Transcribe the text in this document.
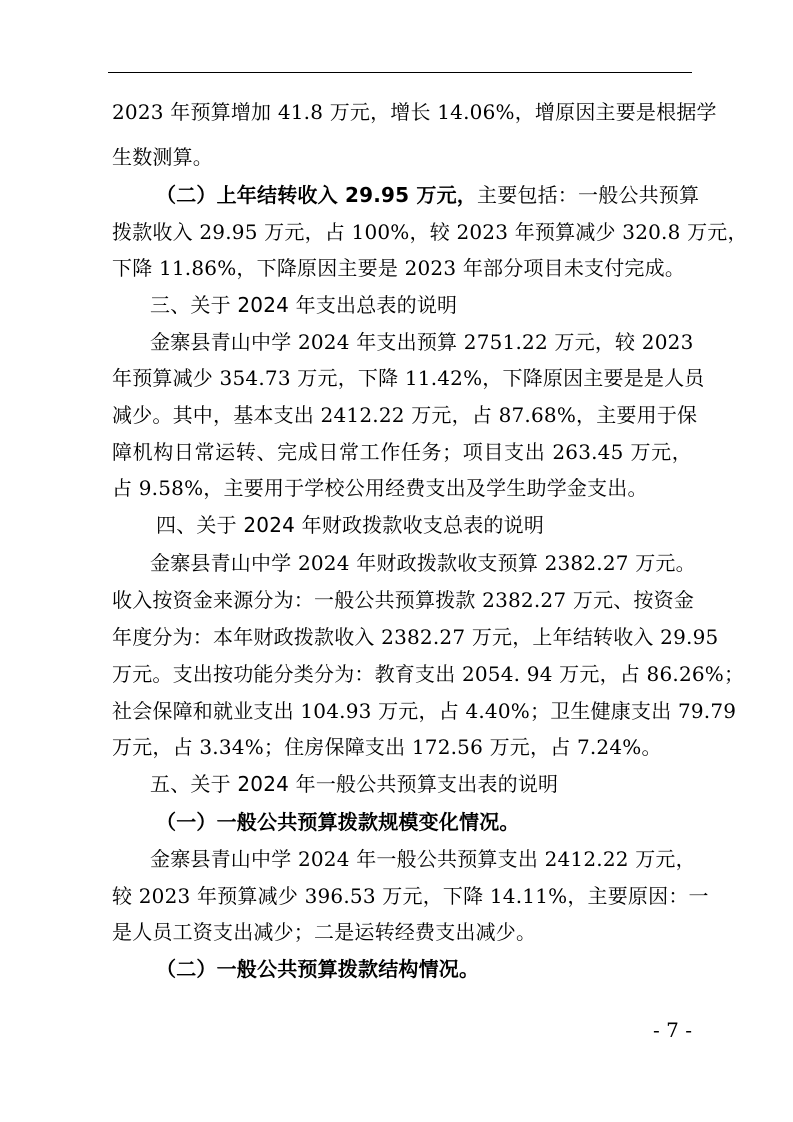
2023 年预算增加 41.8 万元，增长 14.06%，增原因主要是根据学
生数测算。
（二）上年结转收入 29.95 万元，主要包括：一般公共预算
拨款收入 29.95 万元，占 100%，较 2023 年预算减少 320.8 万元，
下降 11.86%，下降原因主要是 2023 年部分项目未支付完成。
三、关于 2024 年支出总表的说明
金寨县青山中学 2024 年支出预算 2751.22 万元，较 2023
年预算减少 354.73 万元，下降 11.42%，下降原因主要是是人员
减少。其中，基本支出 2412.22 万元，占 87.68%，主要用于保
障机构日常运转、完成日常工作任务；项目支出 263.45 万元，
占 9.58%，主要用于学校公用经费支出及学生助学金支出。
四、关于 2024 年财政拨款收支总表的说明
金寨县青山中学 2024 年财政拨款收支预算 2382.27 万元。
收入按资金来源分为：一般公共预算拨款 2382.27 万元、按资金
年度分为：本年财政拨款收入 2382.27 万元，上年结转收入 29.95
万元。支出按功能分类分为：教育支出 2054. 94 万元，占 86.26%；
社会保障和就业支出 104.93 万元，占 4.40%；卫生健康支出 79.79
万元，占 3.34%；住房保障支出 172.56 万元，占 7.24%。
五、关于 2024 年一般公共预算支出表的说明
（一）一般公共预算拨款规模变化情况。
金寨县青山中学 2024 年一般公共预算支出 2412.22 万元，
较 2023 年预算减少 396.53 万元，下降 14.11%，主要原因：一
是人员工资支出减少；二是运转经费支出减少。
（二）一般公共预算拨款结构情况。
- 7 -
